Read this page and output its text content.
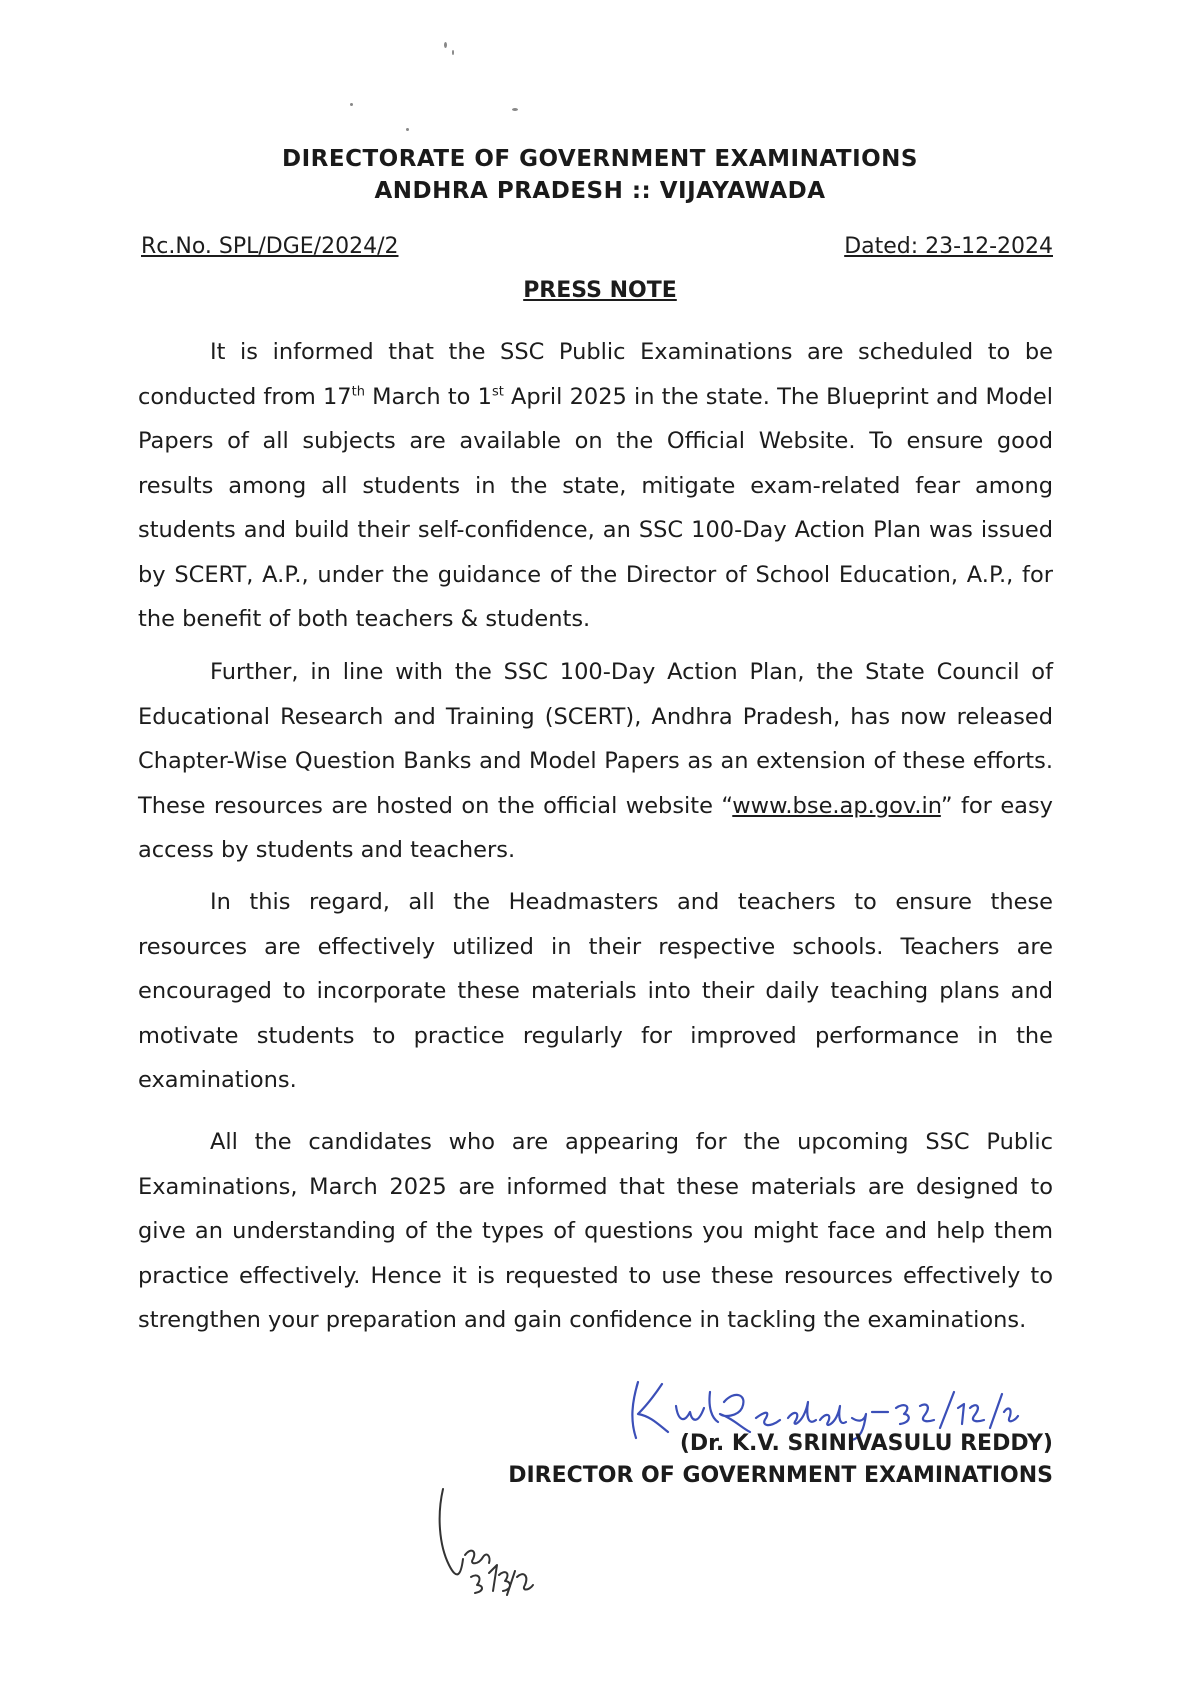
DIRECTORATE OF GOVERNMENT EXAMINATIONS
ANDHRA PRADESH :: VIJAYAWADA
Rc.No. SPL/DGE/2024/2	Dated: 23-12-2024
PRESS NOTE

It is informed that the SSC Public Examinations are scheduled to be conducted from 17th March to 1st April 2025 in the state. The Blueprint and Model Papers of all subjects are available on the Official Website. To ensure good results among all students in the state, mitigate exam-related fear among students and build their self-confidence, an SSC 100-Day Action Plan was issued by SCERT, A.P., under the guidance of the Director of School Education, A.P., for the benefit of both teachers & students.

Further, in line with the SSC 100-Day Action Plan, the State Council of Educational Research and Training (SCERT), Andhra Pradesh, has now released Chapter-Wise Question Banks and Model Papers as an extension of these efforts. These resources are hosted on the official website “www.bse.ap.gov.in” for easy access by students and teachers.

In this regard, all the Headmasters and teachers to ensure these resources are effectively utilized in their respective schools. Teachers are encouraged to incorporate these materials into their daily teaching plans and motivate students to practice regularly for improved performance in the examinations.

All the candidates who are appearing for the upcoming SSC Public Examinations, March 2025 are informed that these materials are designed to give an understanding of the types of questions you might face and help them practice effectively. Hence it is requested to use these resources effectively to strengthen your preparation and gain confidence in tackling the examinations.

(Dr. K.V. SRINIVASULU REDDY)
DIRECTOR OF GOVERNMENT EXAMINATIONS
